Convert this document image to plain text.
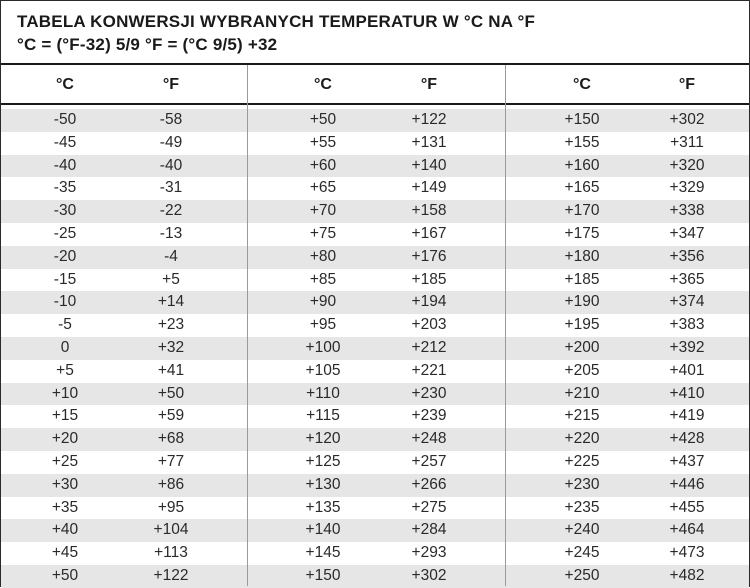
TABELA KONWERSJI WYBRANYCH TEMPERATUR W °C NA °F
°C = (°F-32) 5/9 °F = (°C 9/5) +32
°C	°F	°C	°F	°C	°F
-50	-58	+50	+122	+150	+302
-45	-49	+55	+131	+155	+311
-40	-40	+60	+140	+160	+320
-35	-31	+65	+149	+165	+329
-30	-22	+70	+158	+170	+338
-25	-13	+75	+167	+175	+347
-20	-4	+80	+176	+180	+356
-15	+5	+85	+185	+185	+365
-10	+14	+90	+194	+190	+374
-5	+23	+95	+203	+195	+383
0	+32	+100	+212	+200	+392
+5	+41	+105	+221	+205	+401
+10	+50	+110	+230	+210	+410
+15	+59	+115	+239	+215	+419
+20	+68	+120	+248	+220	+428
+25	+77	+125	+257	+225	+437
+30	+86	+130	+266	+230	+446
+35	+95	+135	+275	+235	+455
+40	+104	+140	+284	+240	+464
+45	+113	+145	+293	+245	+473
+50	+122	+150	+302	+250	+482
